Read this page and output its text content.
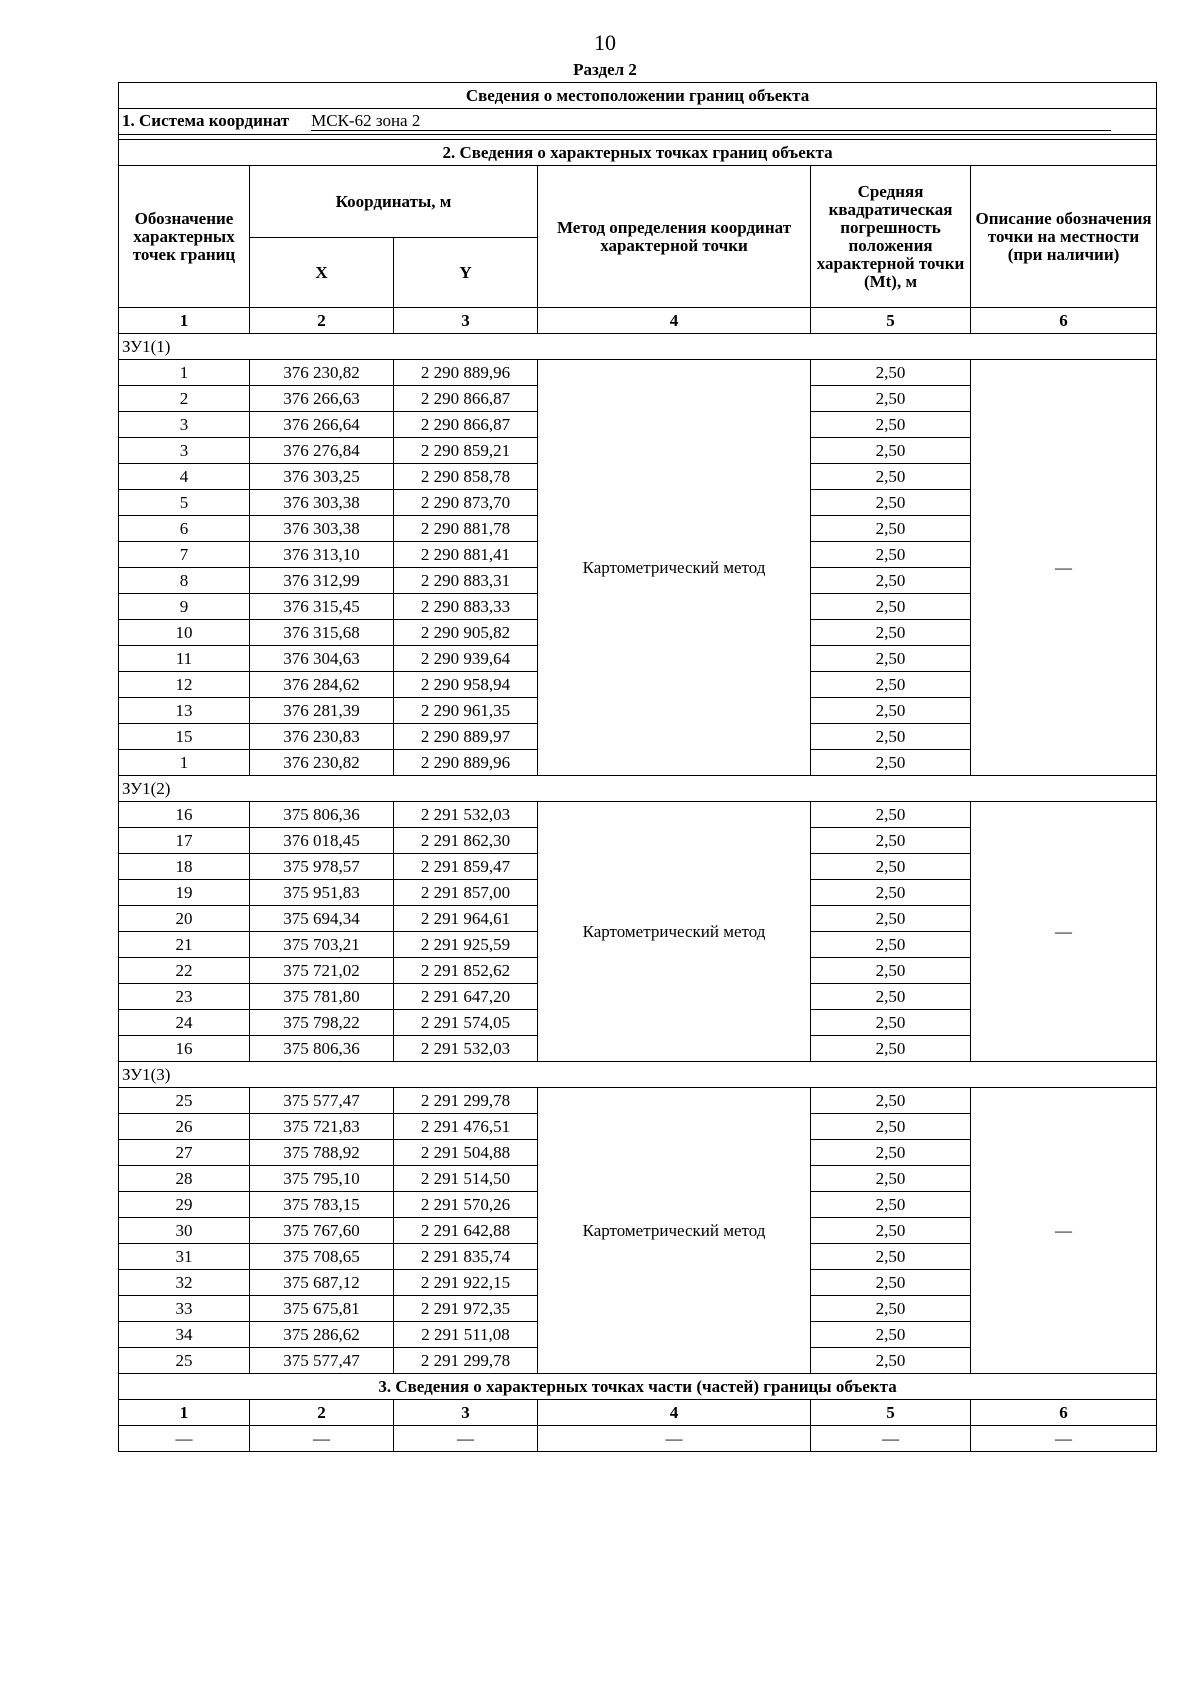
10
Раздел 2
Сведения о местоположении границ объекта					
1. Система координат МСК-62 зона 2					

2. Сведения о характерных точках границ объекта					
Обозначение характерных точек границ	Координаты, м		Метод определения координат характерной точки	Средняя квадратическая погрешность положения характерной точки (Mt), м	Описание обозначения точки на местности (при наличии)
	X	Y			
1	2	3	4	5	6
ЗУ1(1)					
1	376 230,82	2 290 889,96	Картометрический метод	2,50	—
2	376 266,63	2 290 866,87		2,50	
3	376 266,64	2 290 866,87		2,50	
3	376 276,84	2 290 859,21		2,50	
4	376 303,25	2 290 858,78		2,50	
5	376 303,38	2 290 873,70		2,50	
6	376 303,38	2 290 881,78		2,50	
7	376 313,10	2 290 881,41		2,50	
8	376 312,99	2 290 883,31		2,50	
9	376 315,45	2 290 883,33		2,50	
10	376 315,68	2 290 905,82		2,50	
11	376 304,63	2 290 939,64		2,50	
12	376 284,62	2 290 958,94		2,50	
13	376 281,39	2 290 961,35		2,50	
15	376 230,83	2 290 889,97		2,50	
1	376 230,82	2 290 889,96		2,50	
ЗУ1(2)					
16	375 806,36	2 291 532,03	Картометрический метод	2,50	—
17	376 018,45	2 291 862,30		2,50	
18	375 978,57	2 291 859,47		2,50	
19	375 951,83	2 291 857,00		2,50	
20	375 694,34	2 291 964,61		2,50	
21	375 703,21	2 291 925,59		2,50	
22	375 721,02	2 291 852,62		2,50	
23	375 781,80	2 291 647,20		2,50	
24	375 798,22	2 291 574,05		2,50	
16	375 806,36	2 291 532,03		2,50	
ЗУ1(3)					
25	375 577,47	2 291 299,78	Картометрический метод	2,50	—
26	375 721,83	2 291 476,51		2,50	
27	375 788,92	2 291 504,88		2,50	
28	375 795,10	2 291 514,50		2,50	
29	375 783,15	2 291 570,26		2,50	
30	375 767,60	2 291 642,88		2,50	
31	375 708,65	2 291 835,74		2,50	
32	375 687,12	2 291 922,15		2,50	
33	375 675,81	2 291 972,35		2,50	
34	375 286,62	2 291 511,08		2,50	
25	375 577,47	2 291 299,78		2,50	
3. Сведения о характерных точках части (частей) границы объекта					
1	2	3	4	5	6
—	—	—	—	—	—
